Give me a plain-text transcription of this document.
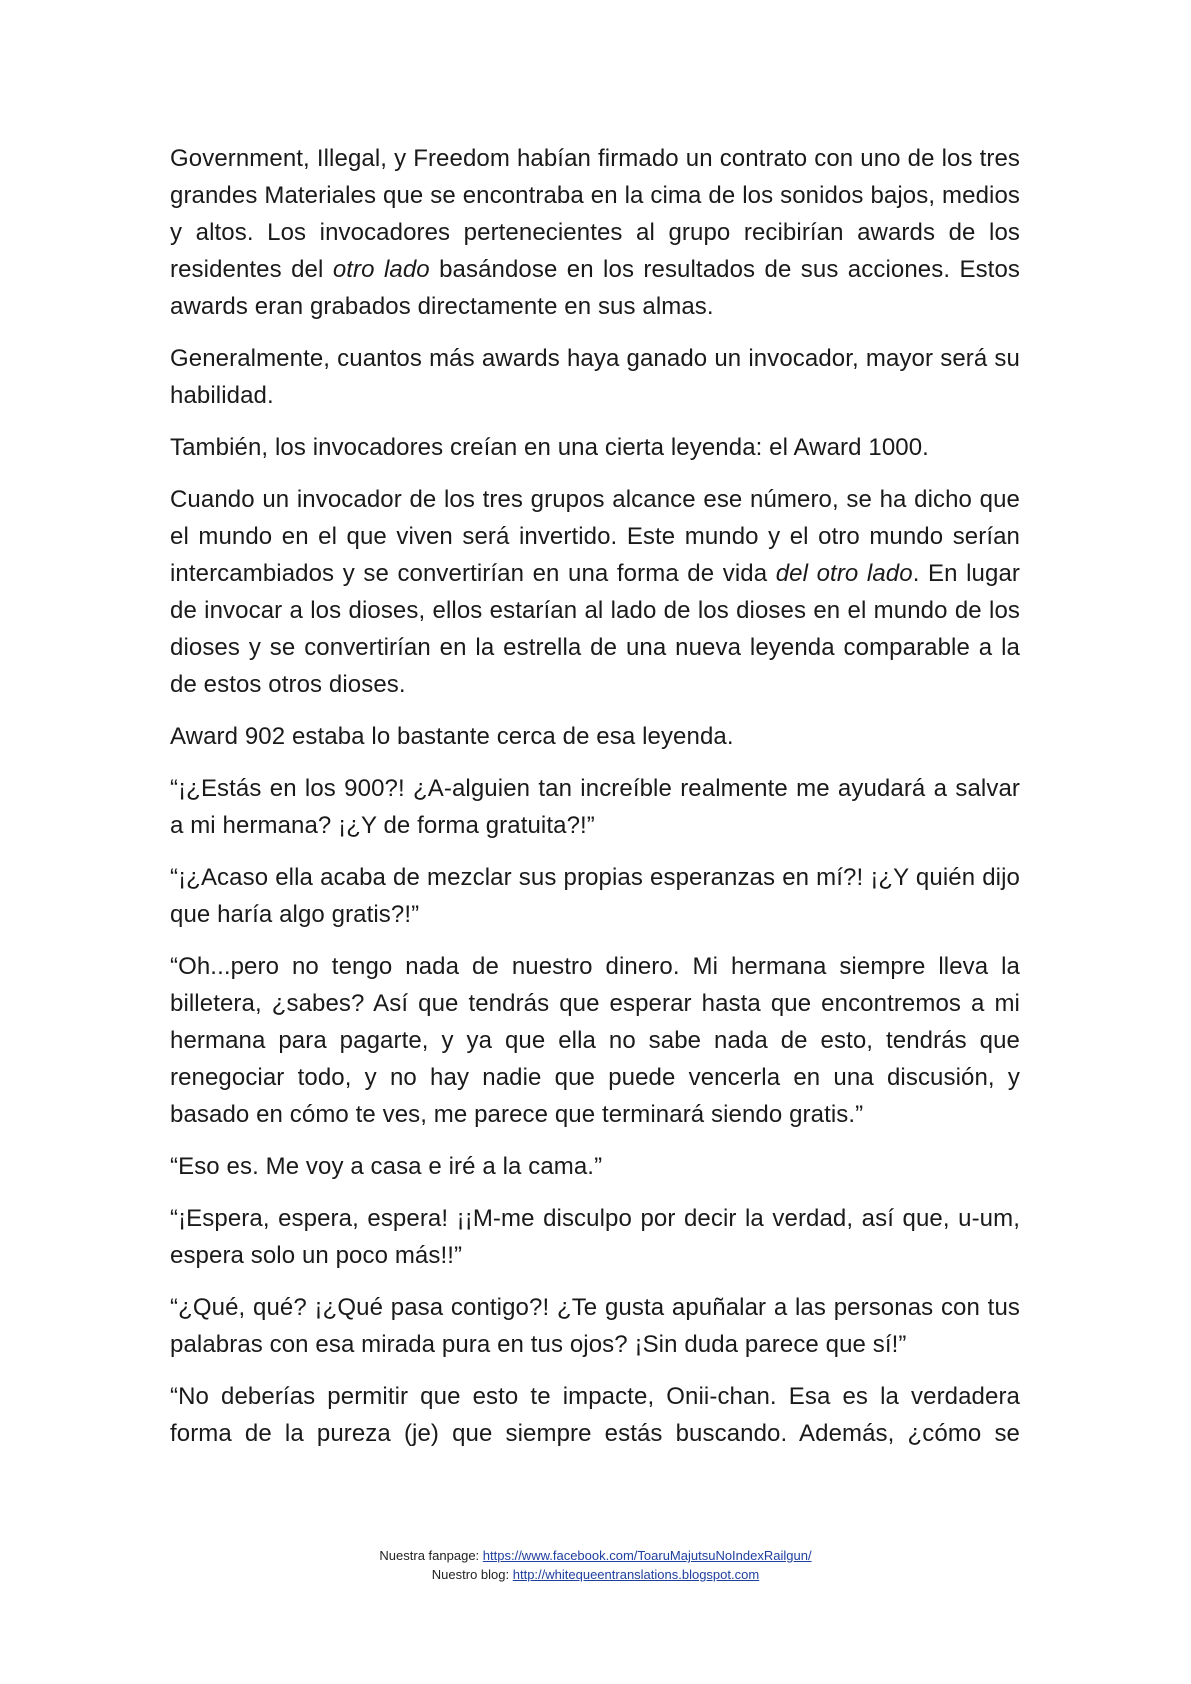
Government, Illegal, y Freedom habían firmado un contrato con uno de los tres grandes Materiales que se encontraba en la cima de los sonidos bajos, medios y altos. Los invocadores pertenecientes al grupo recibirían awards de los residentes del otro lado basándose en los resultados de sus acciones. Estos awards eran grabados directamente en sus almas.

Generalmente, cuantos más awards haya ganado un invocador, mayor será su habilidad.

También, los invocadores creían en una cierta leyenda: el Award 1000.

Cuando un invocador de los tres grupos alcance ese número, se ha dicho que el mundo en el que viven será invertido. Este mundo y el otro mundo serían intercambiados y se convertirían en una forma de vida del otro lado. En lugar de invocar a los dioses, ellos estarían al lado de los dioses en el mundo de los dioses y se convertirían en la estrella de una nueva leyenda comparable a la de estos otros dioses.

Award 902 estaba lo bastante cerca de esa leyenda.

“¡¿Estás en los 900?! ¿A-alguien tan increíble realmente me ayudará a salvar a mi hermana? ¡¿Y de forma gratuita?!”

“¡¿Acaso ella acaba de mezclar sus propias esperanzas en mí?! ¡¿Y quién dijo que haría algo gratis?!”

“Oh...pero no tengo nada de nuestro dinero. Mi hermana siempre lleva la billetera, ¿sabes? Así que tendrás que esperar hasta que encontremos a mi hermana para pagarte, y ya que ella no sabe nada de esto, tendrás que renegociar todo, y no hay nadie que puede vencerla en una discusión, y basado en cómo te ves, me parece que terminará siendo gratis.”

“Eso es. Me voy a casa e iré a la cama.”

“¡Espera, espera, espera! ¡¡M-me disculpo por decir la verdad, así que, u-um, espera solo un poco más!!”

“¿Qué, qué? ¡¿Qué pasa contigo?! ¿Te gusta apuñalar a las personas con tus palabras con esa mirada pura en tus ojos? ¡Sin duda parece que sí!”

“No deberías permitir que esto te impacte, Onii-chan. Esa es la verdadera forma de la pureza (je) que siempre estás buscando. Además, ¿cómo se

Nuestra fanpage: https://www.facebook.com/ToaruMajutsuNoIndexRailgun/
Nuestro blog: http://whitequeentranslations.blogspot.com
